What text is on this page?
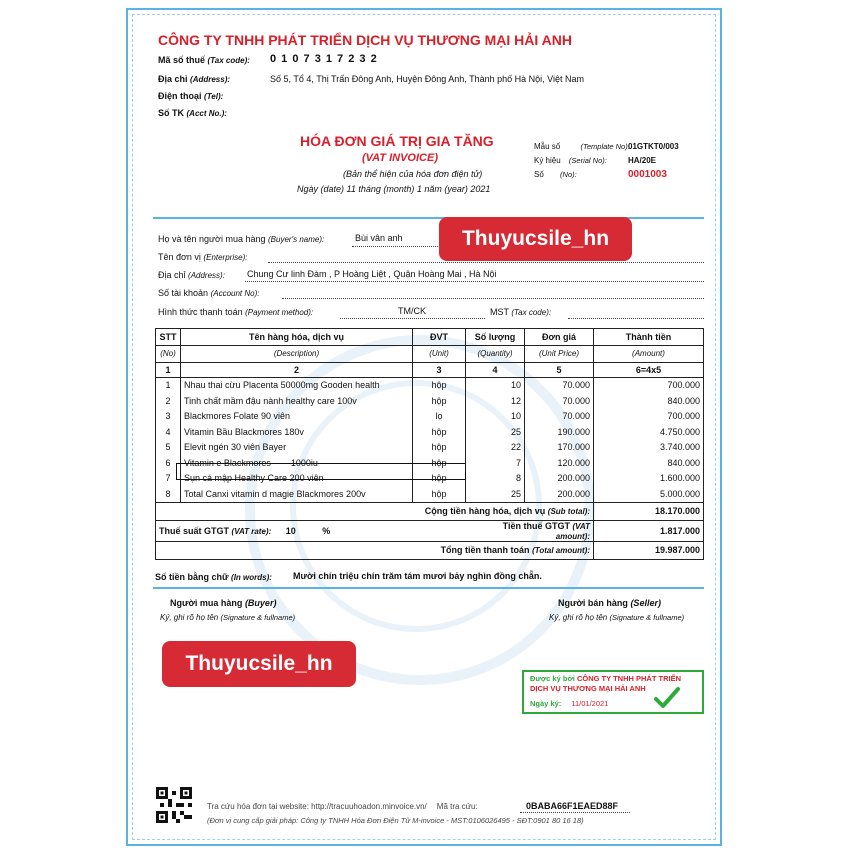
CÔNG TY TNHH PHÁT TRIỂN DỊCH VỤ THƯƠNG MẠI HẢI ANH
Mã số thuế (Tax code): 0 1 0 7 3 1 7 2 3 2
Địa chỉ (Address):	Số 5, Tổ 4, Thị Trấn Đông Anh, Huyện Đông Anh, Thành phố Hà Nội, Việt Nam
Điện thoại (Tel):
Số TK (Acct No.):
HÓA ĐƠN GIÁ TRỊ GIA TĂNG
(VAT INVOICE)
(Bản thể hiện của hóa đơn điện tử)
Ngày (date) 11 tháng (month) 1 năm (year) 2021
Mẫu số	(Template No):
01GTKT0/003
Ký hiệu (Serial No):	HA/20E
Số (No):	0001003
Họ và tên người mua hàng (Buyer's name):	Bùi vân anh
Tên đơn vị (Enterprise):
Địa chỉ (Address): Chung Cư linh Đàm , P Hoàng Liệt , Quận Hoàng Mai , Hà Nội
Số tài khoản (Account No):
Hình thức thanh toán (Payment method):	TM/CK	MST (Tax code):
STT	Tên hàng hóa, dịch vụ	ĐVT	Số lượng	Đơn giá	Thành tiền
(No)	(Description)	(Unit)	(Quantity)	(Unit Price)	(Amount)
1	2	3	4	5	6=4x5
1	Nhau thai cừu Placenta 50000mg Gooden health	hộp	10	70.000	700.000
2	Tinh chất mầm đậu nành healthy care 100v	hộp	12	70.000	840.000
3	Blackmores Folate 90 viên	lọ	10	70.000	700.000
4	Vitamin Bầu Blackmores 180v	hộp	25	190.000	4.750.000
5	Elevit ngén 30 viên Bayer	hộp	22	170.000	3.740.000
6	Vitamin e Blackmores        1000iu	hộp	7	120.000	840.000
7	Sụn cá mập Healthy Care 200 viên	hộp	8	200.000	1.600.000
8	Total Canxi vitamin d magie Blackmores 200v	hộp	25	200.000	5.000.000
Cộng tiền hàng hóa, dịch vụ (Sub total):					18.170.000
Thuế suất GTGT (VAT rate): 10 %			Tiền thuế GTGT (VAT amount):		1.817.000
Tổng tiền thanh toán (Total amount):					19.987.000
Số tiền bằng chữ (In words): Mười chín triệu chín trăm tám mươi bảy nghìn đồng chẵn.
Người mua hàng (Buyer)
Ký, ghi rõ họ tên (Signature & fullname)
Người bán hàng (Seller)
Ký, ghi rõ họ tên (Signature & fullname)
Được ký bởi CÔNG TY TNHH PHÁT TRIỂN DỊCH VỤ THƯƠNG MẠI HẢI ANH
Ngày ký: 11/01/2021
Thuyucsile_hn
Thuyucsile_hn
Tra cứu hóa đơn tại website: http://tracuuhoadon.minvoice.vn/ Mã tra cứu:	0BABA66F1EAED88F
(Đơn vị cung cấp giải pháp: Công ty TNHH Hóa Đơn Điện Tử M-invoice - MST:0106026495 - SĐT:0901 80 16 18)
